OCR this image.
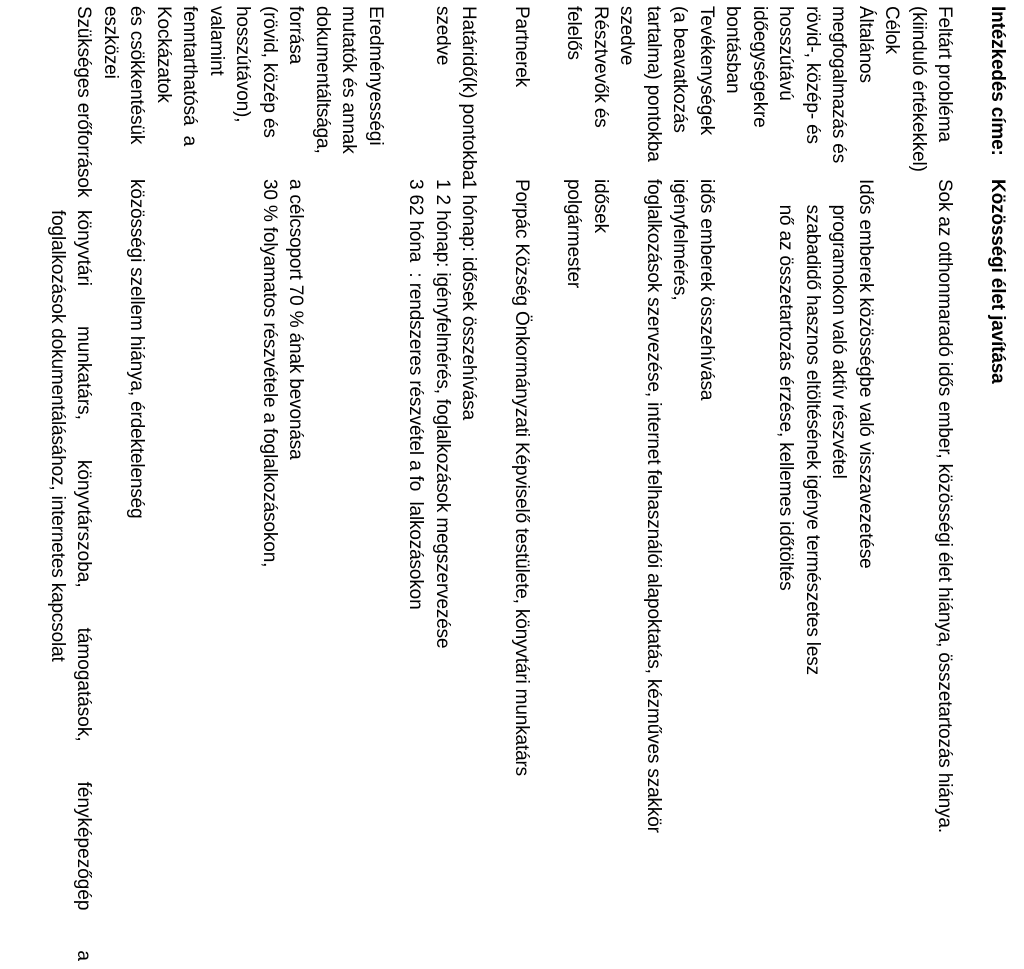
Intézkedés címe:
Közösségi élet javítása
Feltárt probléma
(kiinduló értékekkel)
Sok az otthonmaradó idős ember, közösségi élet hiánya, összetartozás hiánya.
Célok
Általános
megfogalmazás és
rövid-, közép- és
hosszútávú
időegységekre
bontásban

Idős emberek közösségbe való visszavezetése
programokon való aktív részvétel
szabadidő hasznos eltöltésének igénye természetes lesz
nő az összetartozás érzése, kellemes időtöltés
Tevékenységek
(a beavatkozás
tartalma) pontokba
szedve
idős emberek összehívása
igényfelmérés,
foglalkozások szervezése, internet felhasználói alapoktatás, kézműves szakkör
Résztvevők és
felelős
idősek
polgármester
Partnerek
Porpác Község Önkormányzati Képviselő testülete, könyvtári munkatárs
Határidő(k) pontokba
szedve
1 hónap: idősek összehívása
1 2 hónap: igényfelmérés, foglalkozások megszervezése
3 62 hóna  : rendszeres részvétel a fo  lalkozásokon
Eredményességi
mutatók és annak
dokumentáltsága,
forrása
(rövid, közép és
hosszútávon),
valamint
fenntarthatósá  a

a célcsoport 70 % ának bevonása
30 % folyamatos részvétele a foglalkozásokon,
Kockázatok
és csökkentésük
eszközei

közösségi szellem hiánya, érdektelenség
Szükséges erőforrások
könyvtári
munkatárs,
könyvtárszoba,
támogatások,
fényképezőgép
a
foglalkozások dokumentálásához, internetes kapcsolat
